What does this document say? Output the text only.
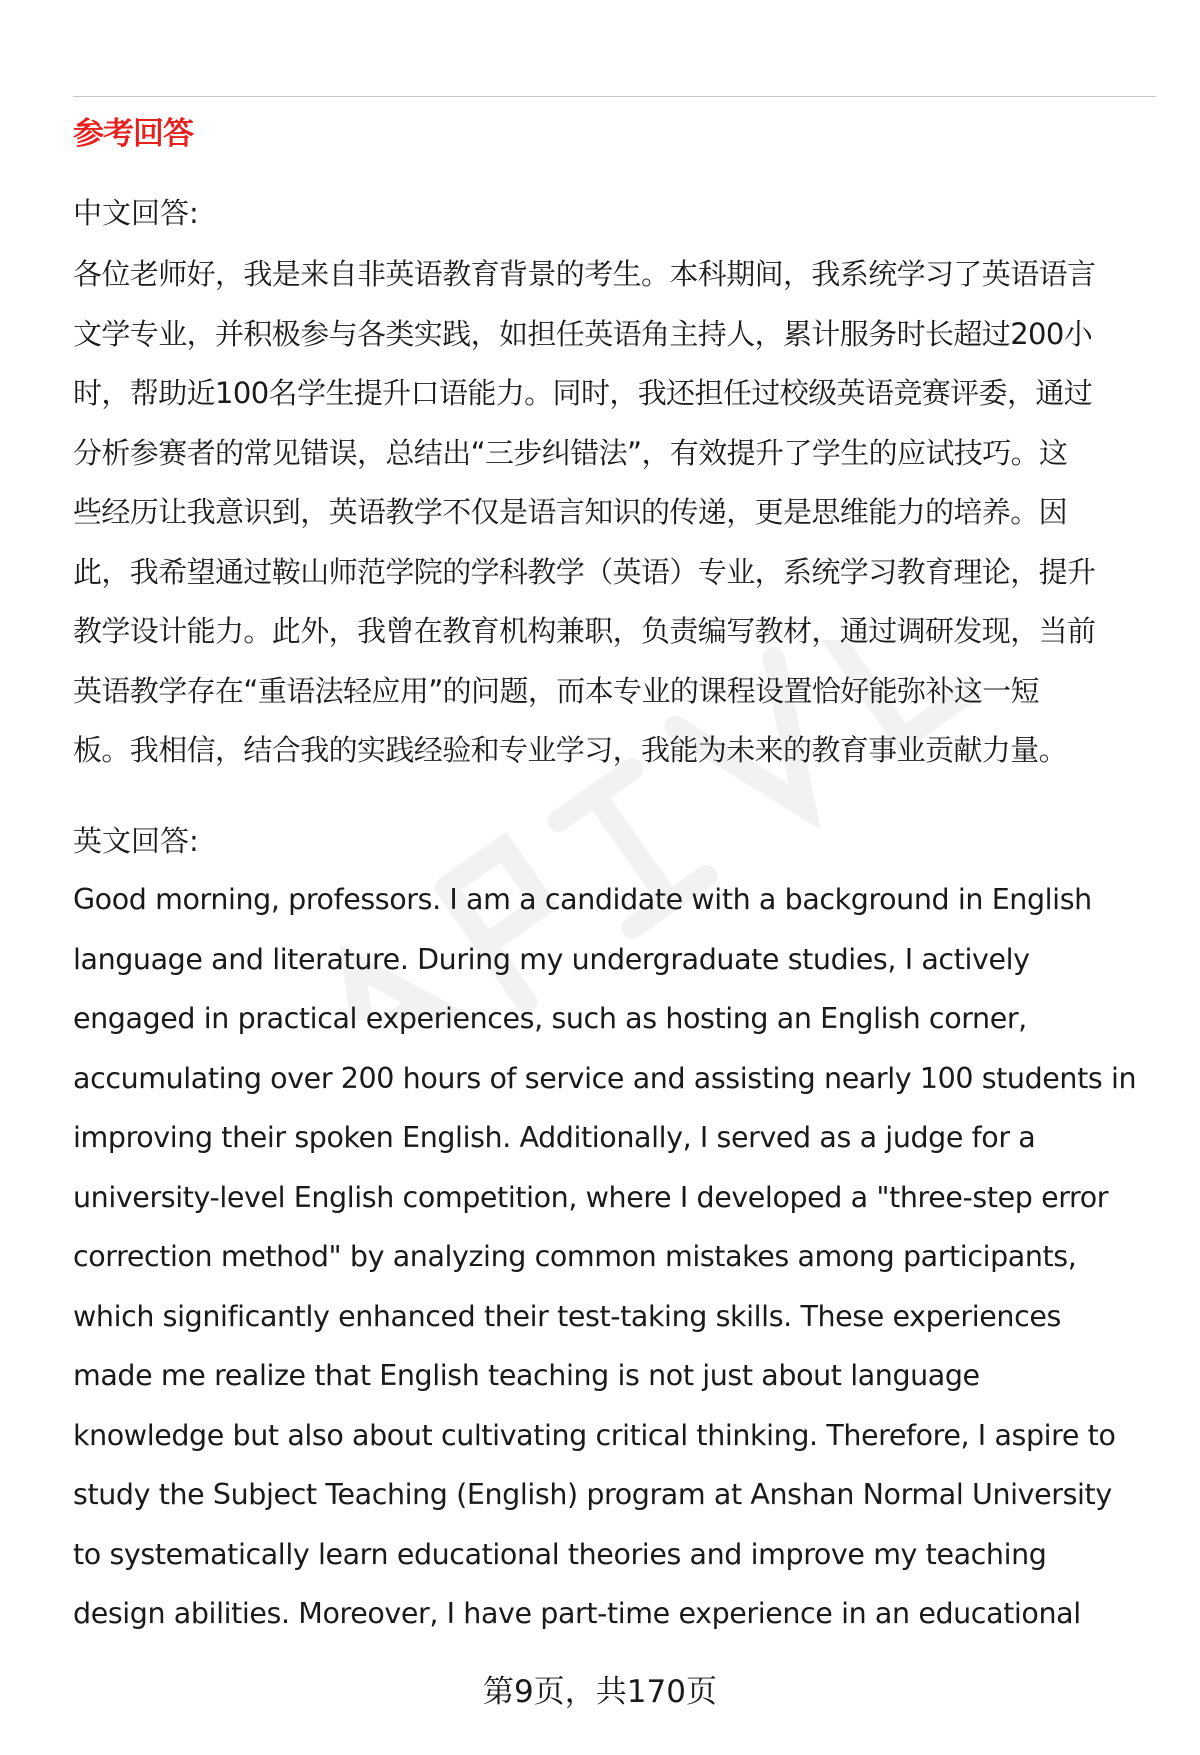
参考回答
中文回答:
各位老师好，我是来自非英语教育背景的考生。本科期间，我系统学习了英语语言
文学专业，并积极参与各类实践，如担任英语角主持人，累计服务时长超过200小
时，帮助近100名学生提升口语能力。同时，我还担任过校级英语竞赛评委，通过
分析参赛者的常见错误，总结出“三步纠错法”，有效提升了学生的应试技巧。这
些经历让我意识到，英语教学不仅是语言知识的传递，更是思维能力的培养。因
此，我希望通过鞍山师范学院的学科教学（英语）专业，系统学习教育理论，提升
教学设计能力。此外，我曾在教育机构兼职，负责编写教材，通过调研发现，当前
英语教学存在“重语法轻应用”的问题，而本专业的课程设置恰好能弥补这一短
板。我相信，结合我的实践经验和专业学习，我能为未来的教育事业贡献力量。
英文回答:
Good morning, professors. I am a candidate with a background in English
language and literature. During my undergraduate studies, I actively
engaged in practical experiences, such as hosting an English corner,
accumulating over 200 hours of service and assisting nearly 100 students in
improving their spoken English. Additionally, I served as a judge for a
university-level English competition, where I developed a "three-step error
correction method" by analyzing common mistakes among participants,
which significantly enhanced their test-taking skills. These experiences
made me realize that English teaching is not just about language
knowledge but also about cultivating critical thinking. Therefore, I aspire to
study the Subject Teaching (English) program at Anshan Normal University
to systematically learn educational theories and improve my teaching
design abilities. Moreover, I have part-time experience in an educational
第9页，共170页
